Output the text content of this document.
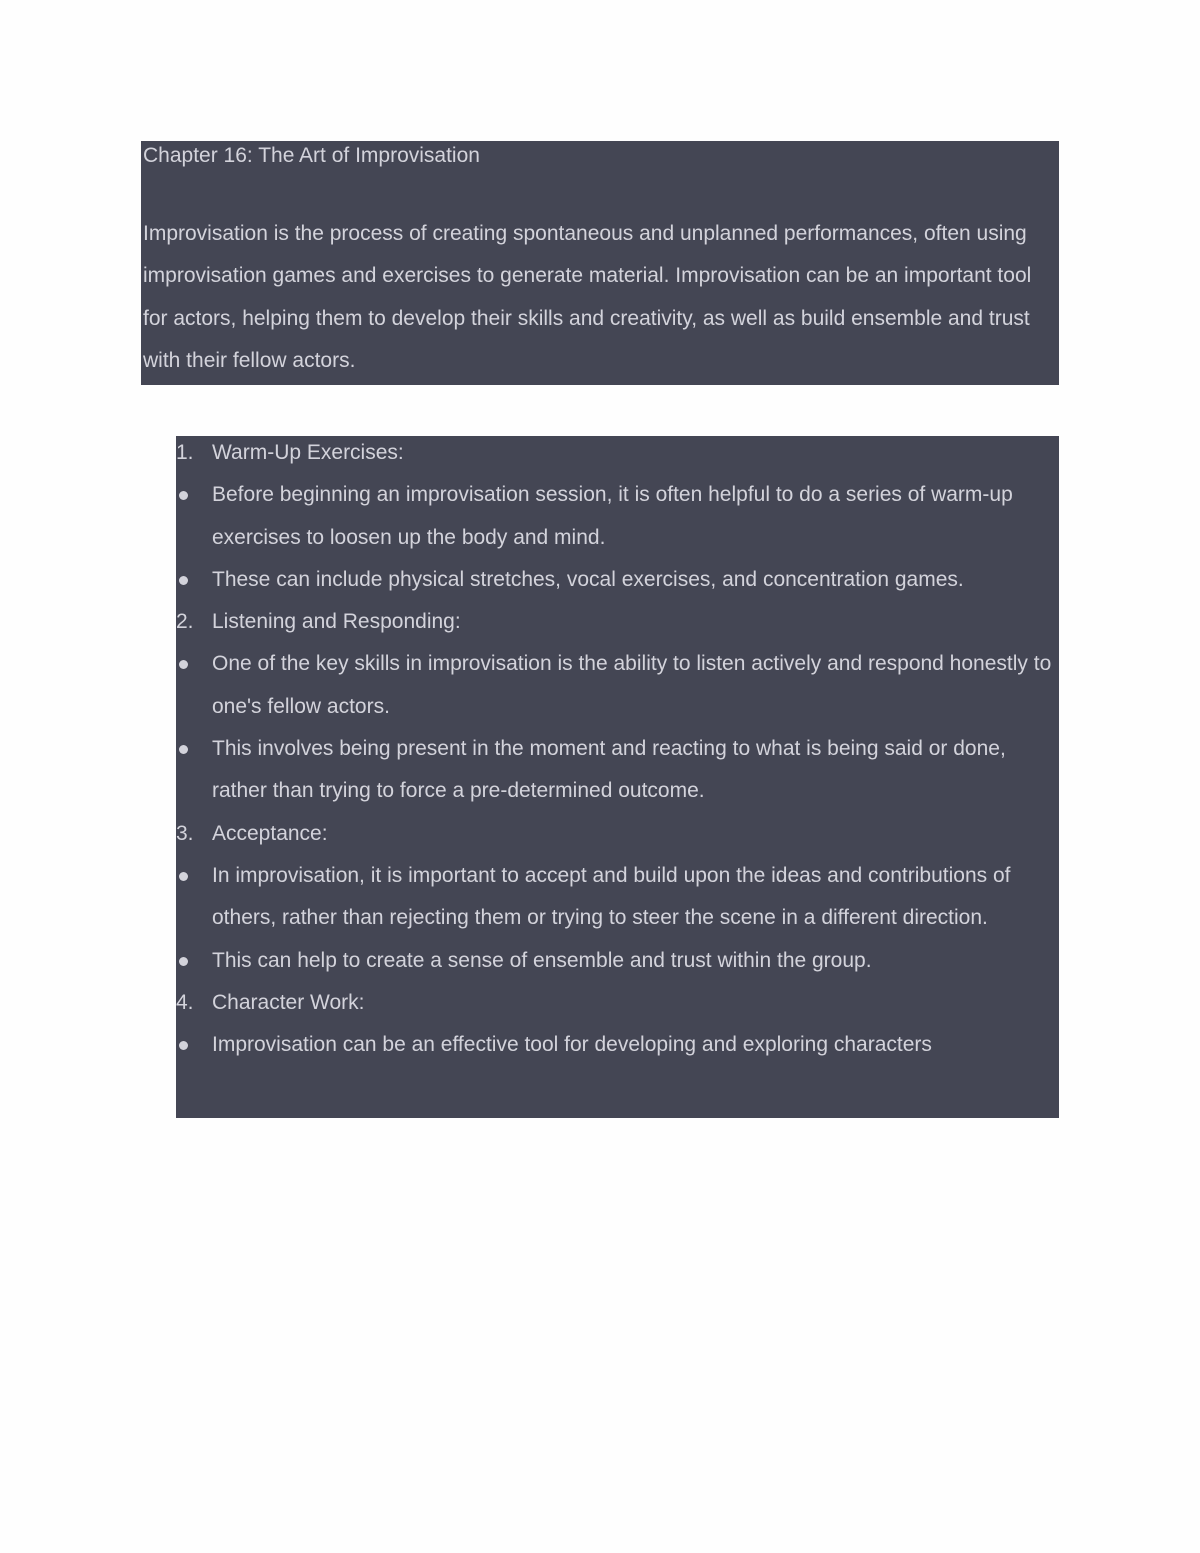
Chapter 16: The Art of Improvisation
Improvisation is the process of creating spontaneous and unplanned performances, often using improvisation games and exercises to generate material. Improvisation can be an important tool for actors, helping them to develop their skills and creativity, as well as build ensemble and trust with their fellow actors.
1. Warm-Up Exercises:
Before beginning an improvisation session, it is often helpful to do a series of warm-up exercises to loosen up the body and mind.
These can include physical stretches, vocal exercises, and concentration games.
2. Listening and Responding:
One of the key skills in improvisation is the ability to listen actively and respond honestly to one's fellow actors.
This involves being present in the moment and reacting to what is being said or done, rather than trying to force a pre-determined outcome.
3. Acceptance:
In improvisation, it is important to accept and build upon the ideas and contributions of others, rather than rejecting them or trying to steer the scene in a different direction.
This can help to create a sense of ensemble and trust within the group.
4. Character Work:
Improvisation can be an effective tool for developing and exploring characters
